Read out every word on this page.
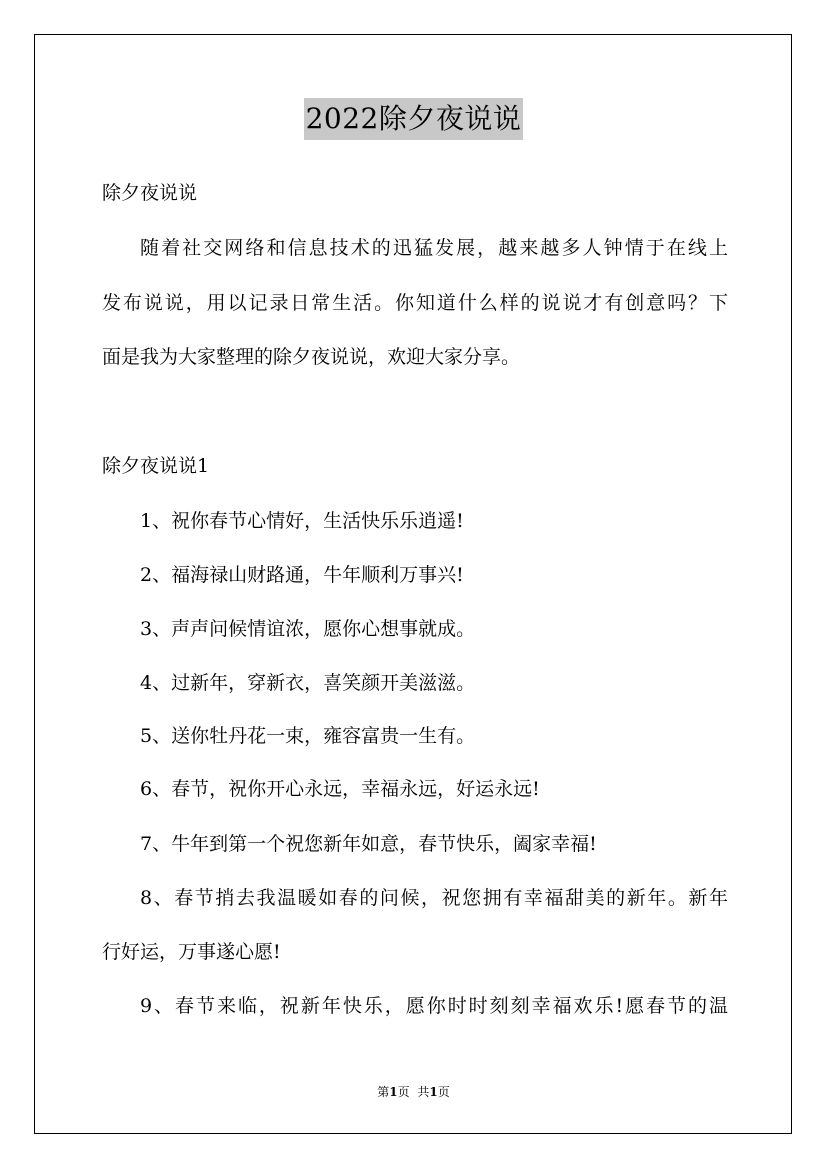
2022除夕夜说说
除夕夜说说
随着社交网络和信息技术的迅猛发展，越来越多人钟情于在线上
发布说说，用以记录日常生活。你知道什么样的说说才有创意吗？下
面是我为大家整理的除夕夜说说，欢迎大家分享。
除夕夜说说1
1、祝你春节心情好，生活快乐乐逍遥!
2、福海禄山财路通，牛年顺利万事兴!
3、声声问候情谊浓，愿你心想事就成。
4、过新年，穿新衣，喜笑颜开美滋滋。
5、送你牡丹花一束，雍容富贵一生有。
6、春节，祝你开心永远，幸福永远，好运永远!
7、牛年到第一个祝您新年如意，春节快乐，阖家幸福!
8、春节捎去我温暖如春的问候，祝您拥有幸福甜美的新年。新年
行好运，万事遂心愿!
9、春节来临，祝新年快乐，愿你时时刻刻幸福欢乐!愿春节的温
第1页 共1页
